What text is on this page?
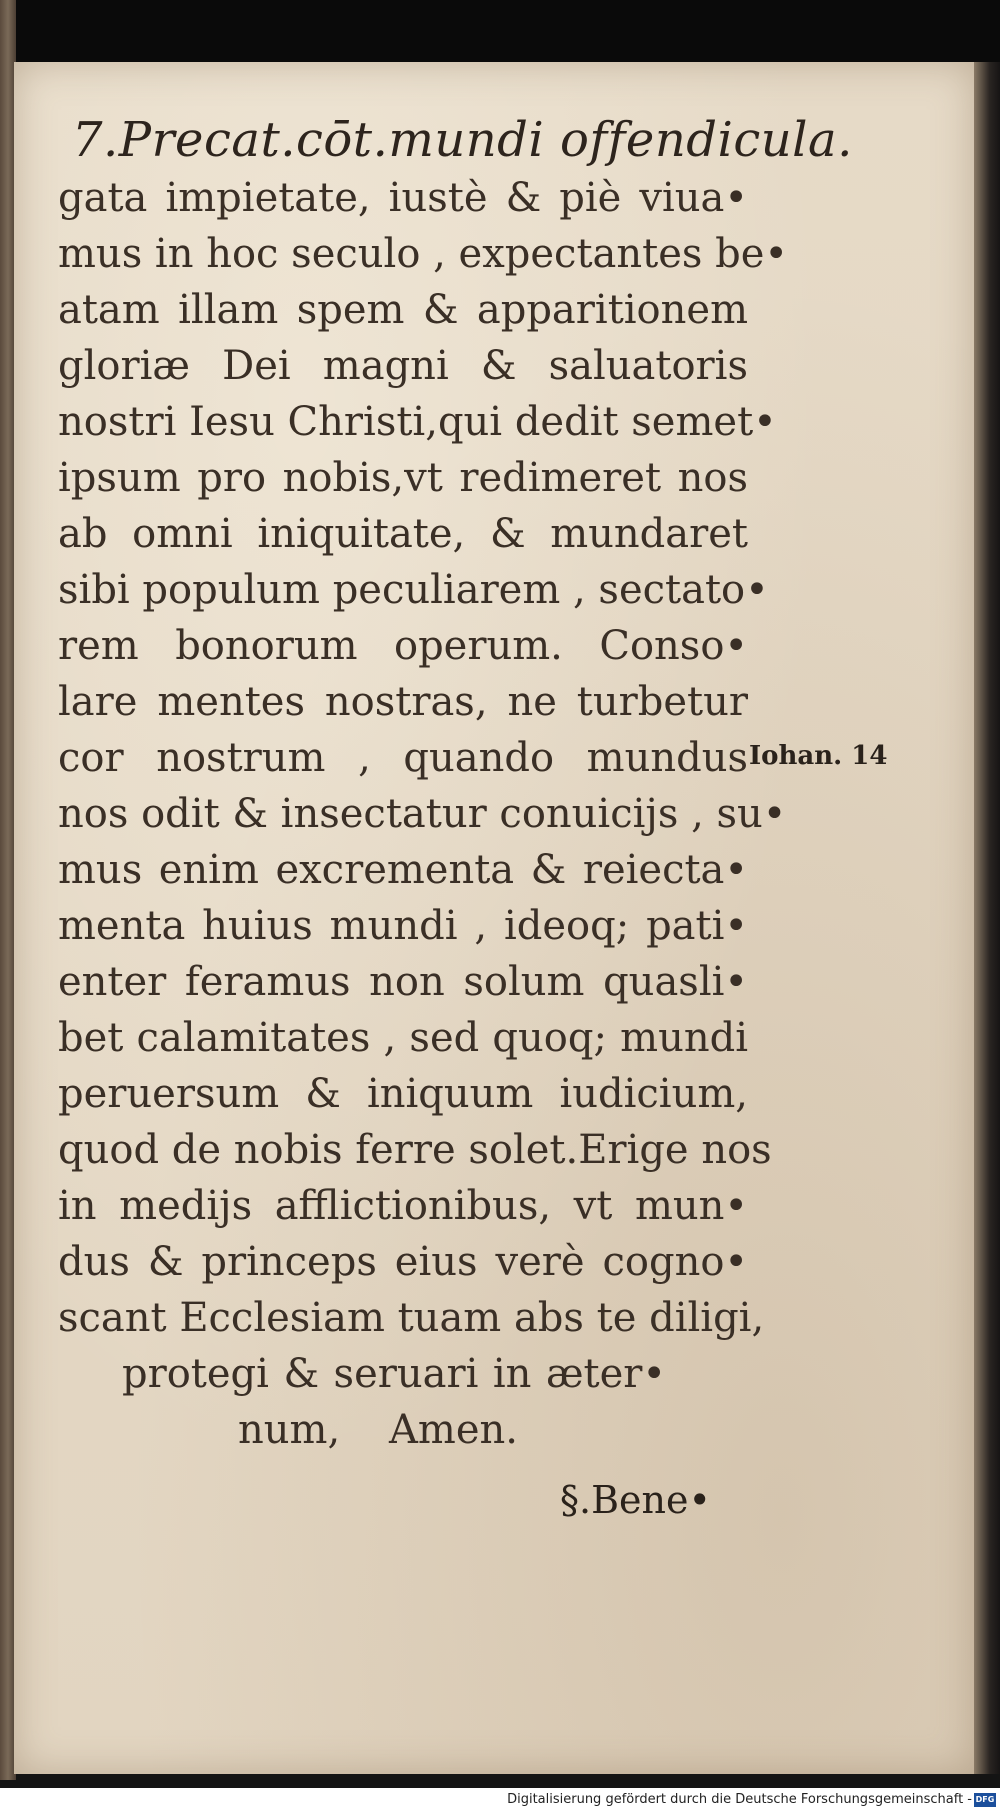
7.Precat.cōt.mundi offendicula.
gata impietate, iustè & piè viua•
mus in hoc seculo , expectantes be•
atam illam spem & apparitionem
gloriæ Dei magni & saluatoris
nostri Iesu Christi,qui dedit semet•
ipsum pro nobis,vt redimeret nos
ab omni iniquitate, & mundaret
sibi populum peculiarem , sectato•
rem bonorum operum. Conso•
lare mentes nostras, ne turbetur
cor nostrum , quando mundus
nos odit & insectatur conuicijs , su•
mus enim excrementa & reiecta•
menta huius mundi , ideoq; pati•
enter feramus non solum quasli•
bet calamitates , sed quoq; mundi
peruersum & iniquum iudicium,
quod de nobis ferre solet.Erige nos
in medijs afflictionibus, vt mun•
dus & princeps eius verè cogno•
scant Ecclesiam tuam abs te diligi,
protegi & seruari in æter•
num, Amen.
Iohan. 14
§.Bene•
Digitalisierung gefördert durch die Deutsche Forschungsgemeinschaft - DFG
